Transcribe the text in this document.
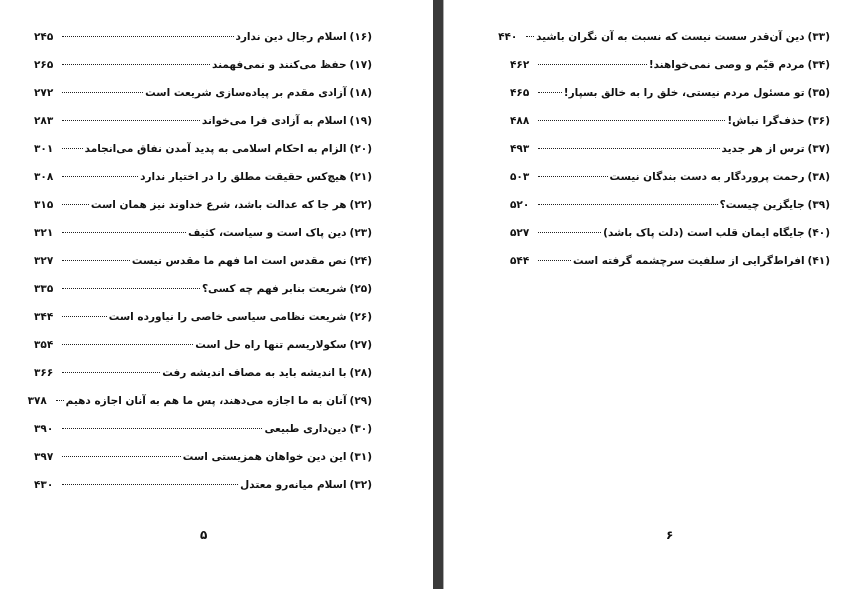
(۱۶)
اسلام رجال دین ندارد
۲۴۵
(۱۷)
حفظ می‌کنند و نمی‌فهمند
۲۶۵
(۱۸)
آزادی مقدم بر پیاده‌سازی شریعت است
۲۷۲
(۱۹)
اسلام به آزادی فرا می‌خواند
۲۸۳
(۲۰)
الزام به احکام اسلامی به پدید آمدن نفاق می‌انجامد
۳۰۱
(۲۱)
هیچ‌کس حقیقت مطلق را در اختیار ندارد
۳۰۸
(۲۲)
هر جا که عدالت باشد، شرع خداوند نیز همان است
۳۱۵
(۲۳)
دین پاک است و سیاست، کثیف
۳۲۱
(۲۴)
نص مقدس است اما فهم ما مقدس نیست
۳۲۷
(۲۵)
شریعت بنابر فهم چه کسی؟
۳۳۵
(۲۶)
شریعت نظامی سیاسی خاصی را نیاورده است
۳۴۴
(۲۷)
سکولاریسم تنها راه حل است
۳۵۴
(۲۸)
با اندیشه باید به مصاف اندیشه رفت
۳۶۶
(۲۹)
آنان به ما اجازه می‌دهند، پس ما هم به آنان اجازه دهیم
۳۷۸
(۳۰)
دین‌داری طبیعی
۳۹۰
(۳۱)
این دین خواهان همزیستی است
۳۹۷
(۳۲)
اسلام میانه‌رو معتدل
۴۳۰
۵
(۳۳)
دین آن‌قدر سست نیست که نسبت به آن نگران باشید
۴۴۰
(۳۴)
مردم قیّم و وصی نمی‌خواهند!
۴۶۲
(۳۵)
تو مسئول مردم نیستی، خلق را به خالق بسپار!
۴۶۵
(۳۶)
حذف‌گرا نباش!
۴۸۸
(۳۷)
ترس از هر جدید
۴۹۳
(۳۸)
رحمت پروردگار به دست بندگان نیست
۵۰۳
(۳۹)
جایگزین چیست؟
۵۲۰
(۴۰)
جایگاه ایمان قلب است (دلت پاک باشد)
۵۲۷
(۴۱)
افراط‌گرایی از سلفیت سرچشمه گرفته است
۵۴۴
۶
